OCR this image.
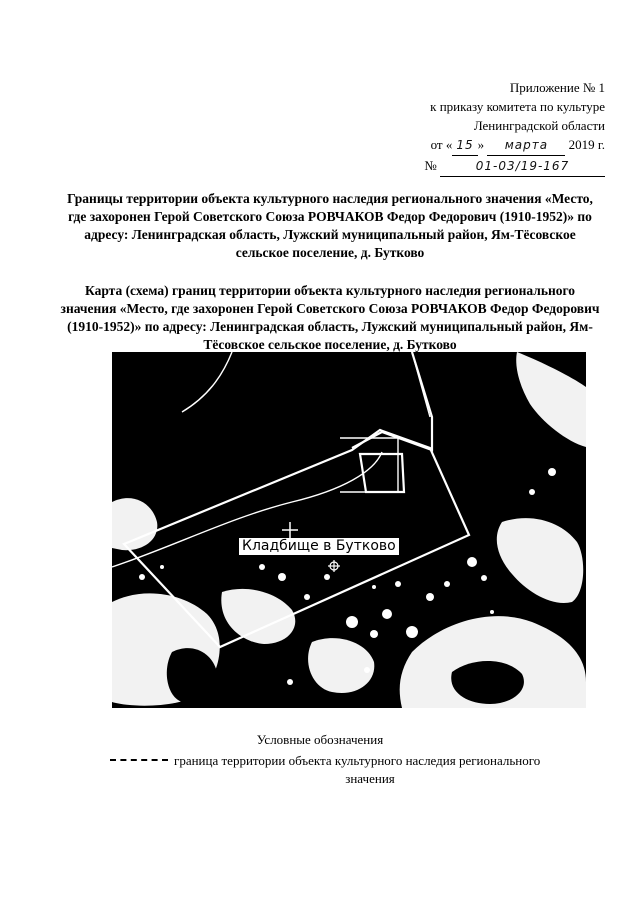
Приложение № 1
к приказу комитета по культуре
Ленинградской области
от « 15 » марта 2019 г.
№	01-03/19-167
Границы территории объекта культурного наследия регионального значения «Место, где захоронен Герой Советского Союза РОВЧАКОВ Федор Федорович (1910-1952)» по адресу: Ленинградская область, Лужский муниципальный район, Ям-Тёсовское сельское поселение, д. Бутково
Карта (схема) границ территории объекта культурного наследия регионального значения «Место, где захоронен Герой Советского Союза РОВЧАКОВ Федор Федорович (1910-1952)» по адресу: Ленинградская область, Лужский муниципальный район, Ям-Тёсовское сельское поселение, д. Бутково
Кладбище в Бутково
Условные обозначения
граница территории объекта культурного наследия регионального
значения
